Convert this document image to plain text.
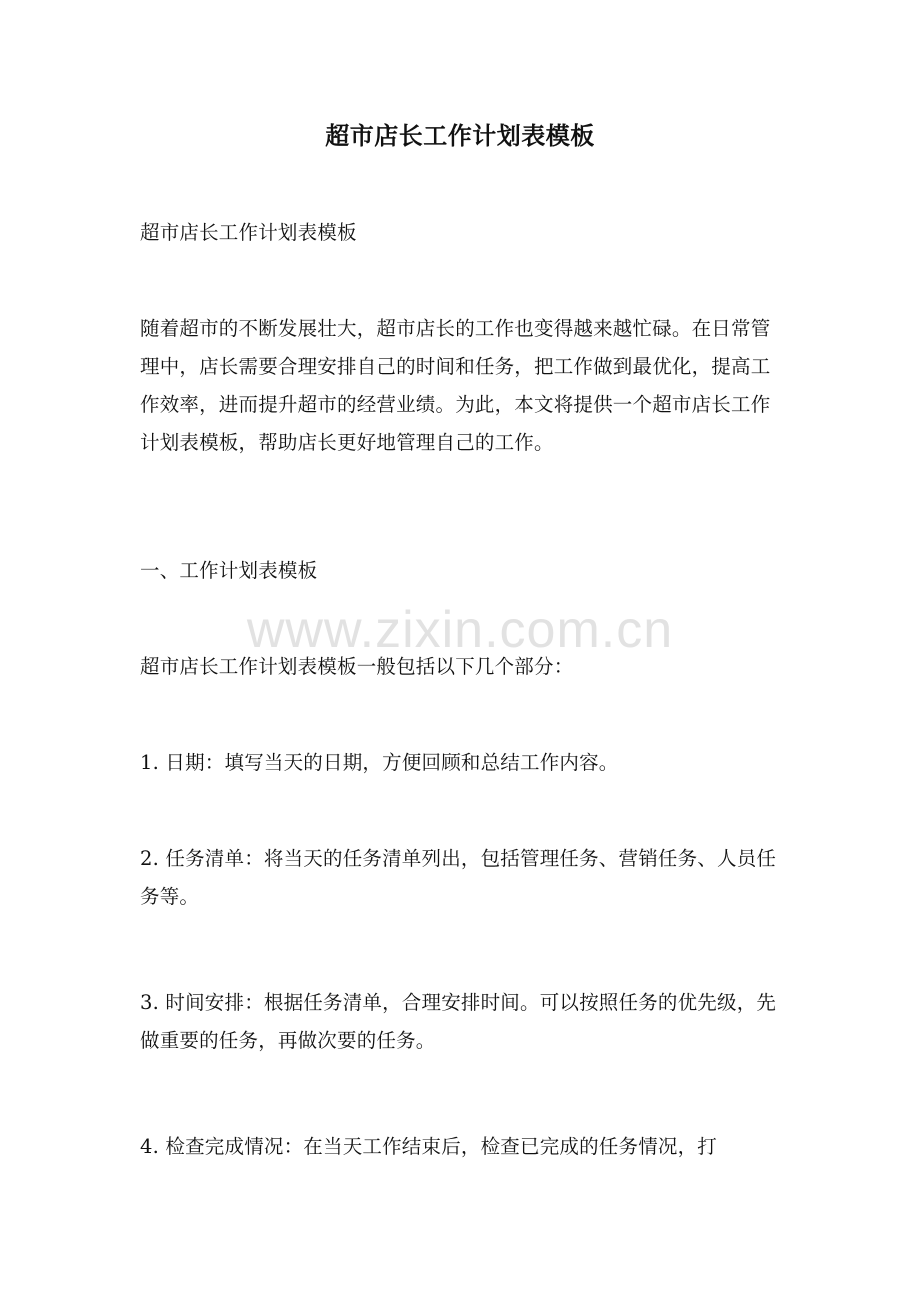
超市店长工作计划表模板
超市店长工作计划表模板
随着超市的不断发展壮大，超市店长的工作也变得越来越忙碌。在日常管理中，店长需要合理安排自己的时间和任务，把工作做到最优化，提高工作效率，进而提升超市的经营业绩。为此，本文将提供一个超市店长工作计划表模板，帮助店长更好地管理自己的工作。
一、工作计划表模板
www.zixin.com.cn
超市店长工作计划表模板一般包括以下几个部分：
1. 日期：填写当天的日期，方便回顾和总结工作内容。
2. 任务清单：将当天的任务清单列出，包括管理任务、营销任务、人员任务等。
3. 时间安排：根据任务清单，合理安排时间。可以按照任务的优先级，先做重要的任务，再做次要的任务。
4. 检查完成情况：在当天工作结束后，检查已完成的任务情况，打
